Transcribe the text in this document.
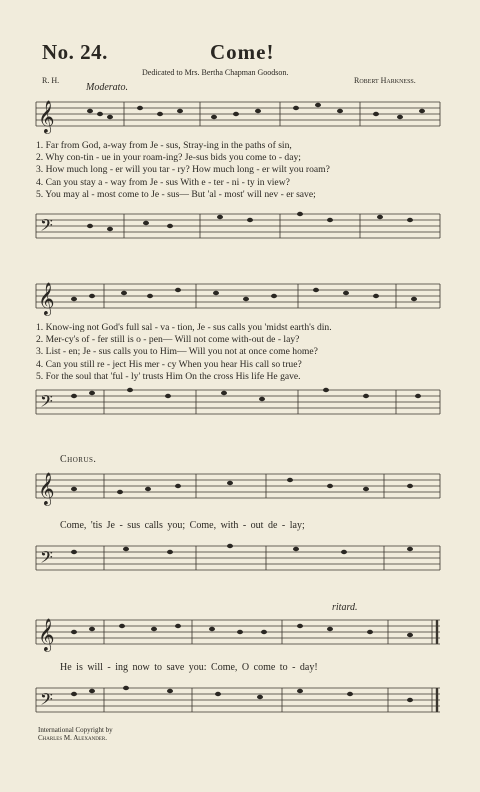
No. 24.	Come!
Dedicated to Mrs. Bertha Chapman Goodson.
R. H.	Robert Harkness.
Moderato.
𝄞
1. Far from God, a-way from Je - sus, Stray-ing in the paths of sin,
2. Why con-tin - ue in your roam-ing? Je-sus bids you come to - day;
3. How much long - er will you tar - ry? How much long - er wilt you roam?
4. Can you stay a - way from Je - sus With e - ter - ni - ty in view?
5. You may al - most come to Je - sus— But 'al - most' will nev - er save;
𝄢
𝄞
1. Know-ing not God's full sal - va - tion, Je - sus calls you 'midst earth's din.
2. Mer-cy's of - fer still is o - pen— Will not come with-out de - lay?
3. List - en; Je - sus calls you to Him— Will you not at once come home?
4. Can you still re - ject His mer - cy When you hear His call so true?
5. For the soul that 'ful - ly' trusts Him On the cross His life He gave.
𝄢
Chorus.
𝄞
Come, 'tis Je - sus calls you; Come, with - out de - lay;
𝄢
ritard.
𝄞
He is will - ing now to save you: Come, O come to - day!
𝄢
International Copyright by
Charles M. Alexander.
